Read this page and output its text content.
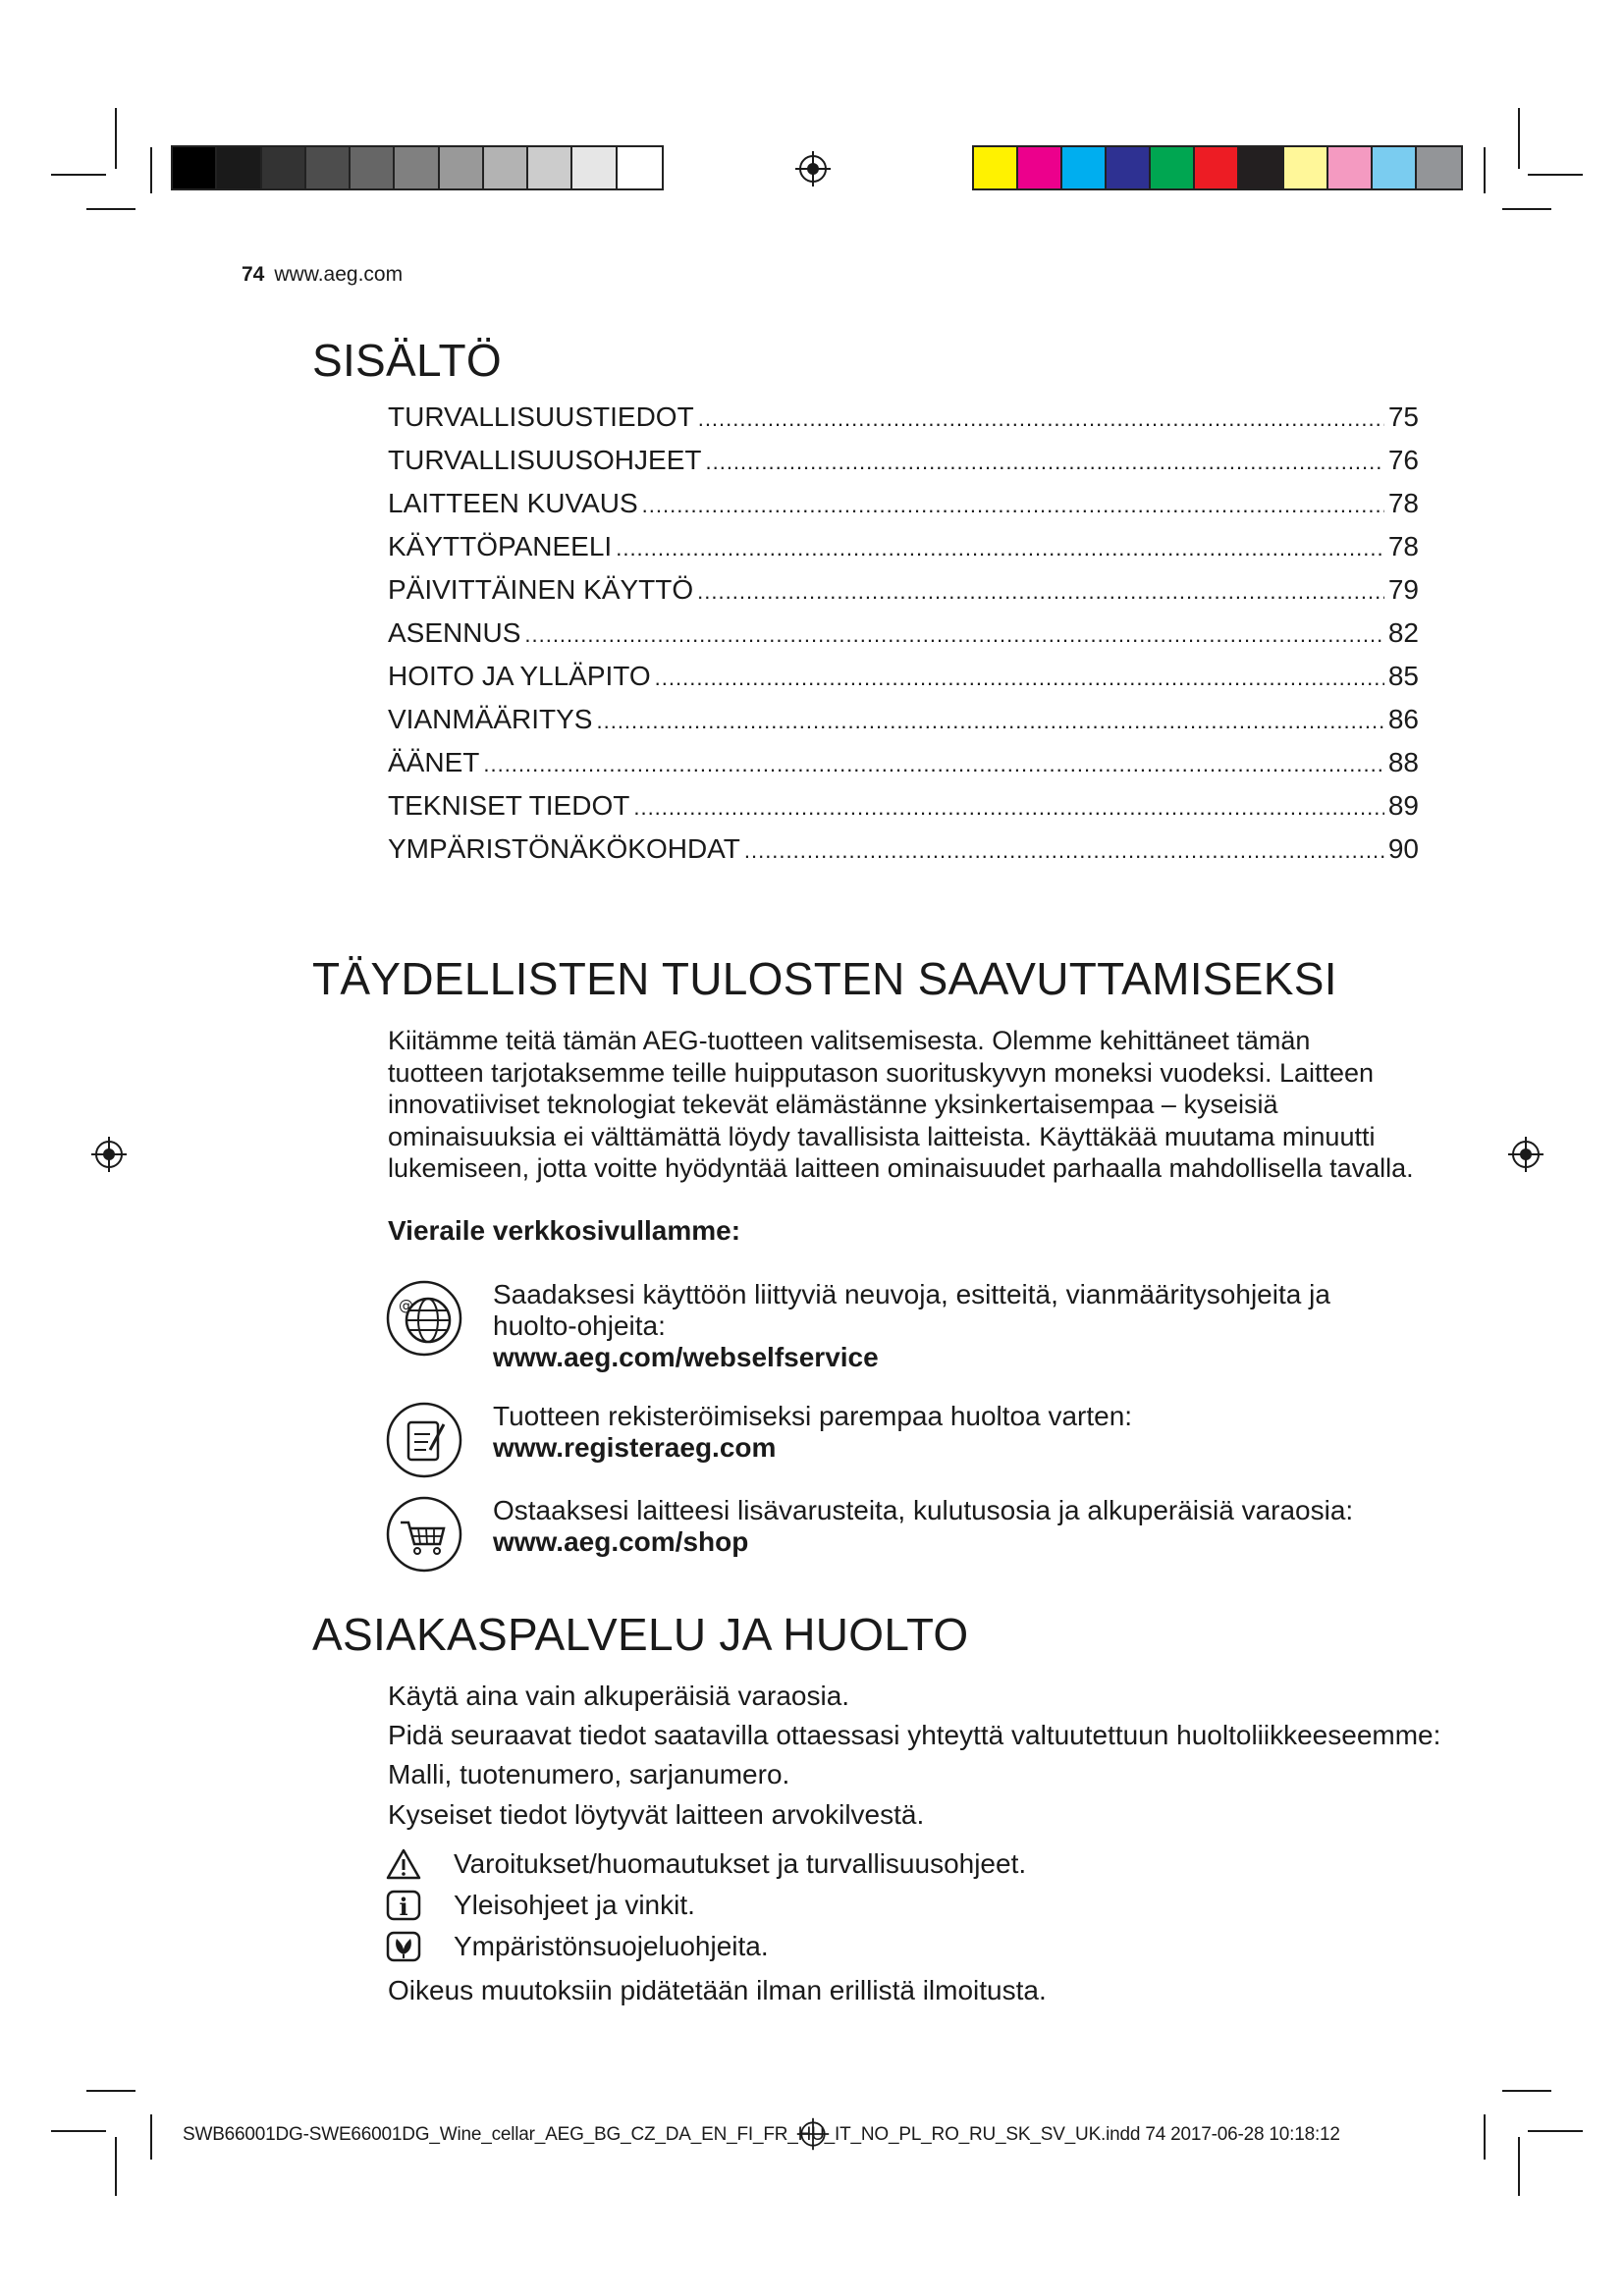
74 www.aeg.com
SISÄLTÖ
TURVALLISUUSTIEDOT .....	75
TURVALLISUUSOHJEET .....	76
LAITTEEN KUVAUS .....	78
KÄYTTÖPANEELI .....	78
PÄIVITTÄINEN KÄYTTÖ .....	79
ASENNUS .....	82
HOITO JA YLLÄPITO .....	85
VIANMÄÄRITYS .....	86
ÄÄNET .....	88
TEKNISET TIEDOT .....	89
YMPÄRISTÖNÄKÖKOHDAT .....	90
TÄYDELLISTEN TULOSTEN SAAVUTTAMISEKSI

Kiitämme teitä tämän AEG-tuotteen valitsemisesta. Olemme kehittäneet tämän
tuotteen tarjotaksemme teille huipputason suorituskyvyn moneksi vuodeksi. Laitteen
innovatiiviset teknologiat tekevät elämästänne yksinkertaisempaa – kyseisiä
ominaisuuksia ei välttämättä löydy tavallisista laitteista. Käyttäkää muutama minuutti
lukemiseen, jotta voitte hyödyntää laitteen ominaisuudet parhaalla mahdollisella tavalla.

Vieraile verkkosivullamme:
@	Saadaksesi käyttöön liittyviä neuvoja, esitteitä, vianmääritysohjeita ja
huolto-ohjeita:
www.aeg.com/webselfservice
Tuotteen rekisteröimiseksi parempaa huoltoa varten:
www.registeraeg.com
Ostaaksesi laitteesi lisävarusteita, kulutusosia ja alkuperäisiä varaosia:
www.aeg.com/shop
ASIAKASPALVELU JA HUOLTO
Käytä aina vain alkuperäisiä varaosia.
Pidä seuraavat tiedot saatavilla ottaessasi yhteyttä valtuutettuun huoltoliikkeeseemme:
Malli, tuotenumero, sarjanumero.
Kyseiset tiedot löytyvät laitteen arvokilvestä.
Varoitukset/huomautukset ja turvallisuusohjeet.
i Yleisohjeet ja vinkit.
Ympäristönsuojeluohjeita.
Oikeus muutoksiin pidätetään ilman erillistä ilmoitusta.
SWB66001DG-SWE66001DG_Wine_cellar_AEG_BG_CZ_DA_EN_FI_FR_HU_IT_NO_PL_RO_RU_SK_SV_UK.indd 74 2017-06-28 10:18:12
